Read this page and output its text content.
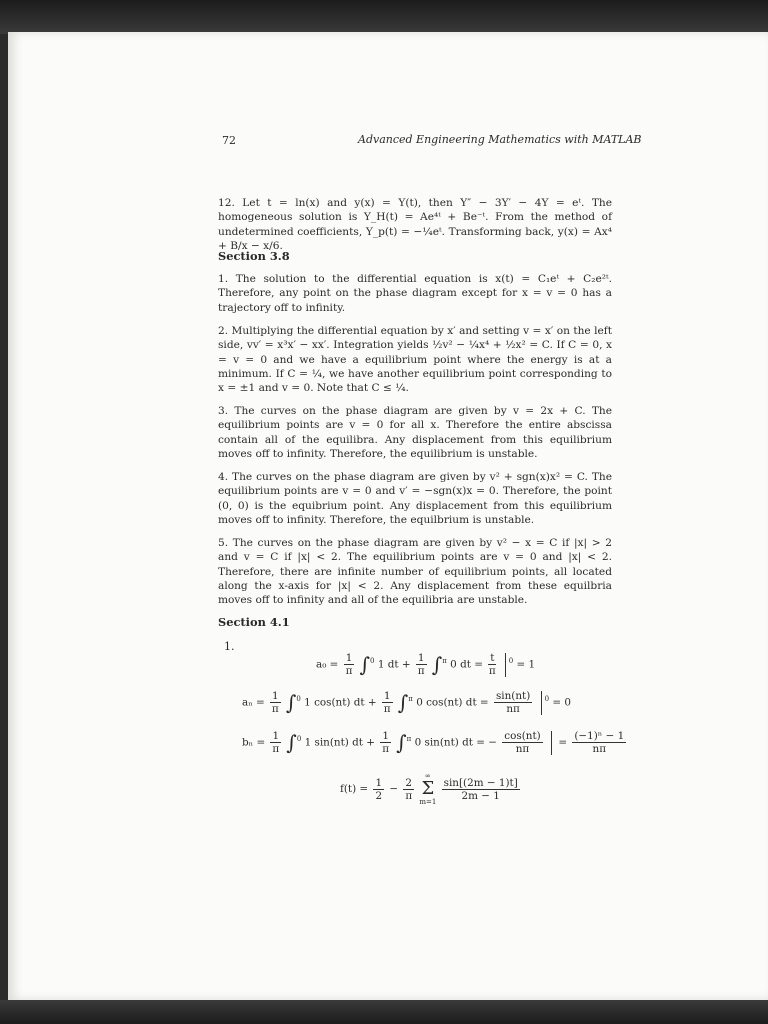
72	Advanced Engineering Mathematics with MATLAB
12. Let t = ln(x) and y(x) = Y(t), then Y″ − 3Y′ − 4Y = eᵗ. The homogeneous solution is Y_H(t) = Ae⁴ᵗ + Be⁻ᵗ. From the method of undetermined coefficients, Y_p(t) = −¼eᵗ. Transforming back, y(x) = Ax⁴ + B/x − x/6.
Section 3.8
1. The solution to the differential equation is x(t) = C₁eᵗ + C₂e²ᵗ. Therefore, any point on the phase diagram except for x = v = 0 has a trajectory off to infinity.
2. Multiplying the differential equation by x′ and setting v = x′ on the left side, vv′ = x³x′ − xx′. Integration yields ½v² − ¼x⁴ + ½x² = C. If C = 0, x = v = 0 and we have a equilibrium point where the energy is at a minimum. If C = ¼, we have another equilibrium point corresponding to x = ±1 and v = 0. Note that C ≤ ¼.
3. The curves on the phase diagram are given by v = 2x + C. The equilibrium points are v = 0 for all x. Therefore the entire abscissa contain all of the equilibra. Any displacement from this equilibrium moves off to infinity. Therefore, the equilibrium is unstable.
4. The curves on the phase diagram are given by v² + sgn(x)x² = C. The equilibrium points are v = 0 and v′ = −sgn(x)x = 0. Therefore, the point (0, 0) is the equibrium point. Any displacement from this equilibrium moves off to infinity. Therefore, the equilbrium is unstable.
5. The curves on the phase diagram are given by v² − x = C if |x| > 2 and v = C if |x| < 2. The equilibrium points are v = 0 and |x| < 2. Therefore, there are infinite number of equilibrium points, all located along the x-axis for |x| < 2. Any displacement from these equilbria moves off to infinity and all of the equilibria are unstable.
Section 4.1
1.
$a_0 = \frac{1}{\pi} \int^0$ 1 dt + $\frac{1}{\pi} \int^\pi$ 0 dt = $\frac{t}{\pi} ^0 = 1$
$a_n = \frac{1}{\pi} \int^0$ 1 cos(nt) dt + $\frac{1}{\pi} \int^\pi$ 0 cos(nt) dt = $\frac{\sin(nt)}{n\pi} ^0 = 0$
$b_n = \frac{1}{\pi} \int^0$ 1 sin(nt) dt + $\frac{1}{\pi} \int^\pi$ 0 sin(nt) dt = − $\frac{\cos(nt)}{n\pi} = \frac{\text{(−1)ⁿ − 1}}{n\pi}$
$f(t) = \frac{1}{2} - \frac{2}{\pi}$

∞
Σ
m=1

$\frac{\sin[(2m - 1)t]}{2m - 1}$
